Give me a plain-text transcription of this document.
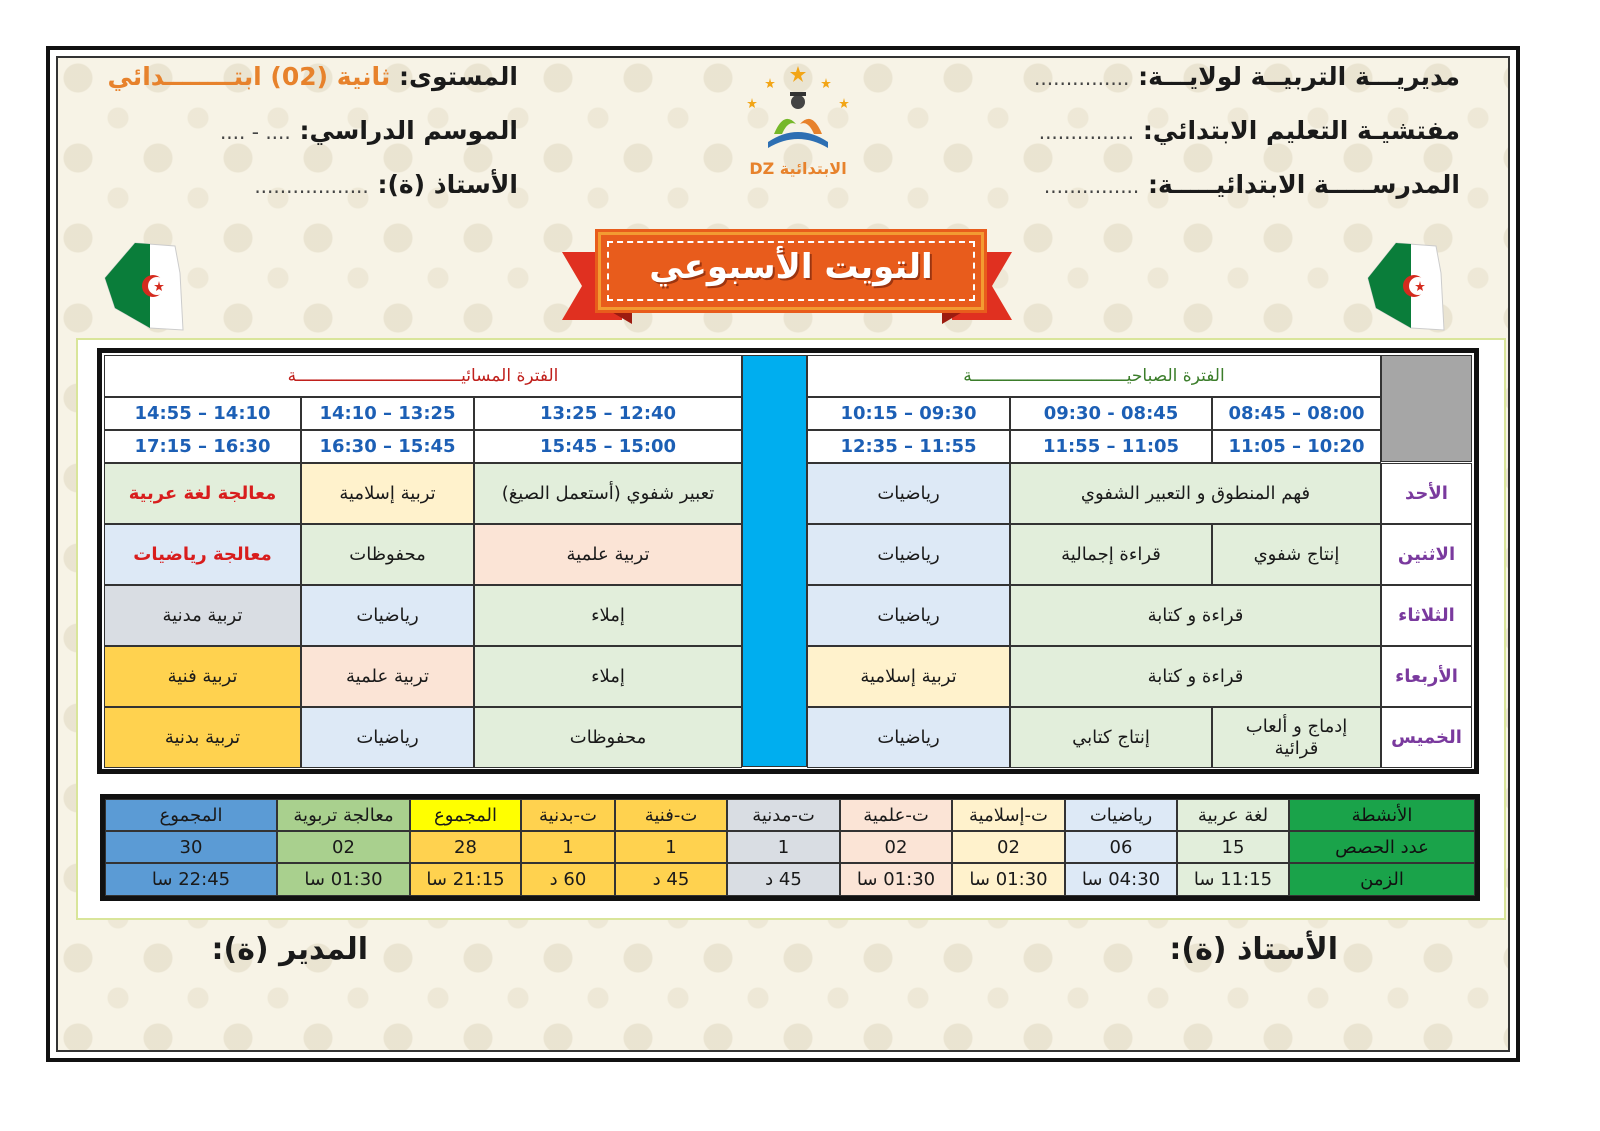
مديريـــة التربيــة لولايـــة: ...............
مفتشيـة التعليم الابتدائي: ...............
المدرســـــة الابتدائيـــــة: ...............
المستوى: ثانية (02) ابتــــــــدائي
الموسم الدراسي: .... - ....
الأستاذ (ة): ..................
DZ الابتدائية
التويت الأسبوعي
الفترة الصباحيـــــــــــــــــــــــــــــــة
الفترة المسائيـــــــــــــــــــــــــــــــــة
08:00 – 08:45
08:45 - 09:30
09:30 – 10:15
10:20 – 11:05
11:05 – 11:55
11:55 – 12:35
12:40 – 13:25
13:25 – 14:10
14:10 – 14:55
15:00 – 15:45
15:45 – 16:30
16:30 – 17:15
الأحد
الاثنين
الثلاثاء
الأربعاء
الخميس
فهم المنطوق و التعبير الشفوي
رياضيات
تعبير شفوي (أستعمل الصيغ)
تربية إسلامية
معالجة لغة عربية
إنتاج شفوي
قراءة إجمالية
رياضيات
تربية علمية
محفوظات
معالجة رياضيات
قراءة و كتابة
رياضيات
إملاء
رياضيات
تربية مدنية
قراءة و كتابة
تربية إسلامية
إملاء
تربية علمية
تربية فنية
إدماج و ألعاب قرائية
إنتاج كتابي
رياضيات
محفوظات
رياضيات
تربية بدنية
الأنشطة
عدد الحصص
الزمن
لغة عربية
15
11:15 سا
رياضيات
06
04:30 سا
ت-إسلامية
02
01:30 سا
ت-علمية
02
01:30 سا
ت-مدنية
1
45 د
ت-فنية
1
45 د
ت-بدنية
1
60 د
المجموع
28
21:15 سا
معالجة تربوية
02
01:30 سا
المجموع
30
22:45 سا
الأستاذ (ة):
المدير (ة):
